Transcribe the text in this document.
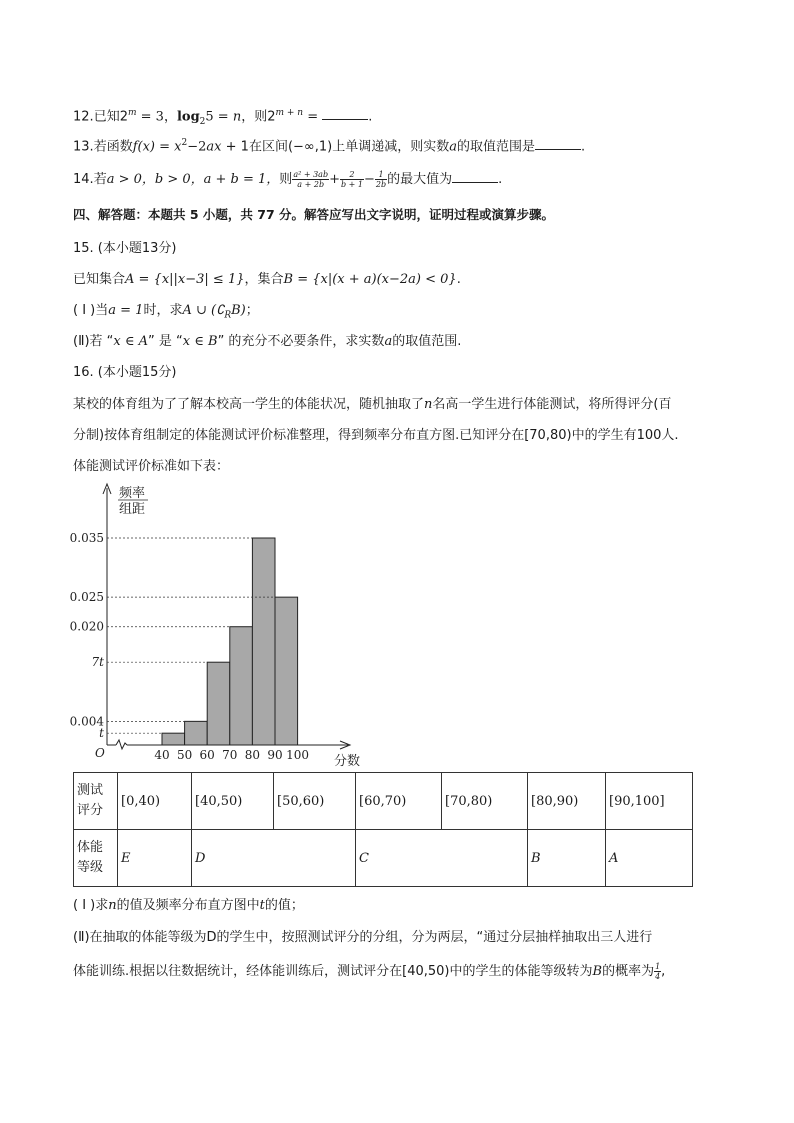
12.已知$2^m = 3$，$\log_25 = n$，则$2^{m + n}$ =	.
13.若函数$f(x) = x^2-2ax + 1$在区间(−∞,1)上单调递减，则实数a的取值范围是	.
14.若a > 0，b > 0，a + b = 1，则 $\frac{\text{a² + 3ab}}{a + 2b} + \frac{2}{b + 1} - \frac{1}{2b}$ 的最大值为	.
四、解答题：本题共 5 小题，共 77 分。解答应写出文字说明，证明过程或演算步骤。
15. (本小题13分)
已知集合A = {x||x−3| ≤ 1}，集合B = {x|(x + a)(x−2a) < 0}.
( Ⅰ )当a = 1时，求A ∪ $(∁_RB)$；
(Ⅱ)若 “x ∈ A” 是 “x ∈ B” 的充分不必要条件，求实数a的取值范围.
16. (本小题15分)
某校的体育组为了了解本校高一学生的体能状况，随机抽取了n名高一学生进行体能测试，将所得评分(百
分制)按体育组制定的体能测试评价标准整理，得到频率分布直方图.已知评分在[70,80)中的学生有100人.
体能测试评价标准如下表：
频率
组距
O
t
0.004
7t
0.020
0.025
0.035
40 50 60 70 80 90 100 分数
测试
评分	[0,40)	[40,50)	[50,60)	[60,70)	[70,80)	[80,90)	[90,100]
体能
等级	E	D		C		B	A
( Ⅰ )求n的值及频率分布直方图中t的值；
(Ⅱ)在抽取的体能等级为D的学生中，按照测试评分的分组，分为两层，“通过分层抽样抽取出三人进行
体能训练.根据以往数据统计，经体能训练后，测试评分在[40,50)中的学生的体能等级转为B的概率为 $\frac{1}{4}$ ,
